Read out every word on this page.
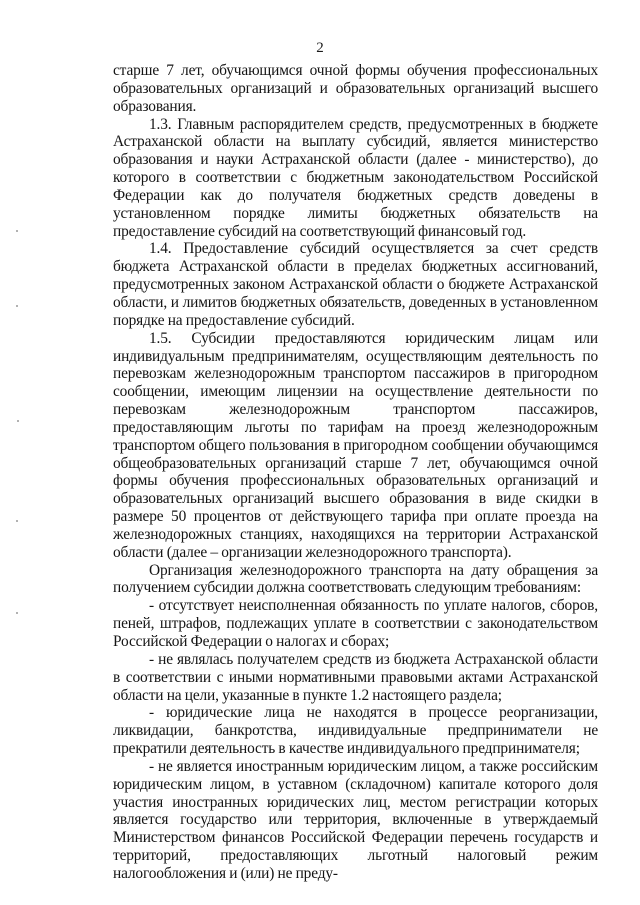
2

старше 7 лет, обучающимся очной формы обучения профессиональных образовательных организаций и образовательных организаций высшего образования.

1.3. Главным распорядителем средств, предусмотренных в бюджете Астраханской области на выплату субсидий, является министерство образования и науки Астраханской области (далее - министерство), до которого в соответствии с бюджетным законодательством Российской Федерации как до получателя бюджетных средств доведены в установленном порядке лимиты бюджетных обязательств на предоставление субсидий на соответствующий финансовый год.

1.4. Предоставление субсидий осуществляется за счет средств бюджета Астраханской области в пределах бюджетных ассигнований, предусмотренных законом Астраханской области о бюджете Астраханской области, и лимитов бюджетных обязательств, доведенных в установленном порядке на предоставление субсидий.

1.5. Субсидии предоставляются юридическим лицам или индивидуальным предпринимателям, осуществляющим деятельность по перевозкам железнодорожным транспортом пассажиров в пригородном сообщении, имеющим лицензии на осуществление деятельности по перевозкам железнодорожным транспортом пассажиров, предоставляющим льготы по тарифам на проезд железнодорожным транспортом общего пользования в пригородном сообщении обучающимся общеобразовательных организаций старше 7 лет, обучающимся очной формы обучения профессиональных образовательных организаций и образовательных организаций высшего образования в виде скидки в размере 50 процентов от действующего тарифа при оплате проезда на железнодорожных станциях, находящихся на территории Астраханской области (далее – организации железнодорожного транспорта).

Организация железнодорожного транспорта на дату обращения за получением субсидии должна соответствовать следующим требованиям:

- отсутствует неисполненная обязанность по уплате налогов, сборов, пеней, штрафов, подлежащих уплате в соответствии с законодательством Российской Федерации о налогах и сборах;

- не являлась получателем средств из бюджета Астраханской области в соответствии с иными нормативными правовыми актами Астраханской области на цели, указанные в пункте 1.2 настоящего раздела;

- юридические лица не находятся в процессе реорганизации, ликвидации, банкротства, индивидуальные предприниматели не прекратили деятельность в качестве индивидуального предпринимателя;

- не является иностранным юридическим лицом, а также российским юридическим лицом, в уставном (складочном) капитале которого доля участия иностранных юридических лиц, местом регистрации которых является государство или территория, включенные в утверждаемый Министерством финансов Российской Федерации перечень государств и территорий, предоставляющих льготный налоговый режим налогообложения и (или) не преду-
